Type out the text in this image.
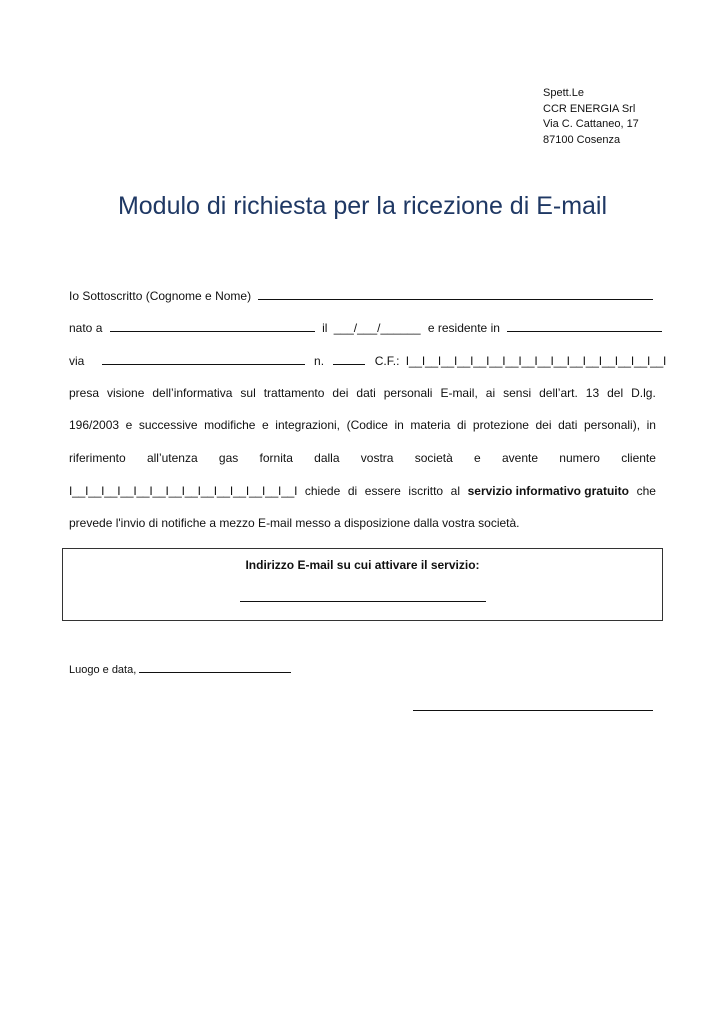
Spett.Le
CCR ENERGIA Srl
Via C. Cattaneo, 17
87100 Cosenza
Modulo di richiesta per la ricezione di E-mail
Io Sottoscritto (Cognome e Nome)
nato a	il ___/___/______ e residente in
via	n.	C.F.: I__I__I__I__I__I__I__I__I__I__I__I__I__I__I__I__I
presa visione dell’informativa sul trattamento dei dati personali E-mail, ai sensi dell’art. 13 del D.lg.
196/2003 e successive modifiche e integrazioni, (Codice in materia di protezione dei dati personali), in
riferimento all’utenza gas fornita dalla vostra società e avente numero cliente
I__I__I__I__I__I__I__I__I__I__I__I__I__I__I chiede di essere iscritto al servizio informativo gratuito che
prevede l'invio di notifiche a mezzo E-mail messo a disposizione dalla vostra società.
Indirizzo E-mail su cui attivare il servizio:
Luogo e data,
